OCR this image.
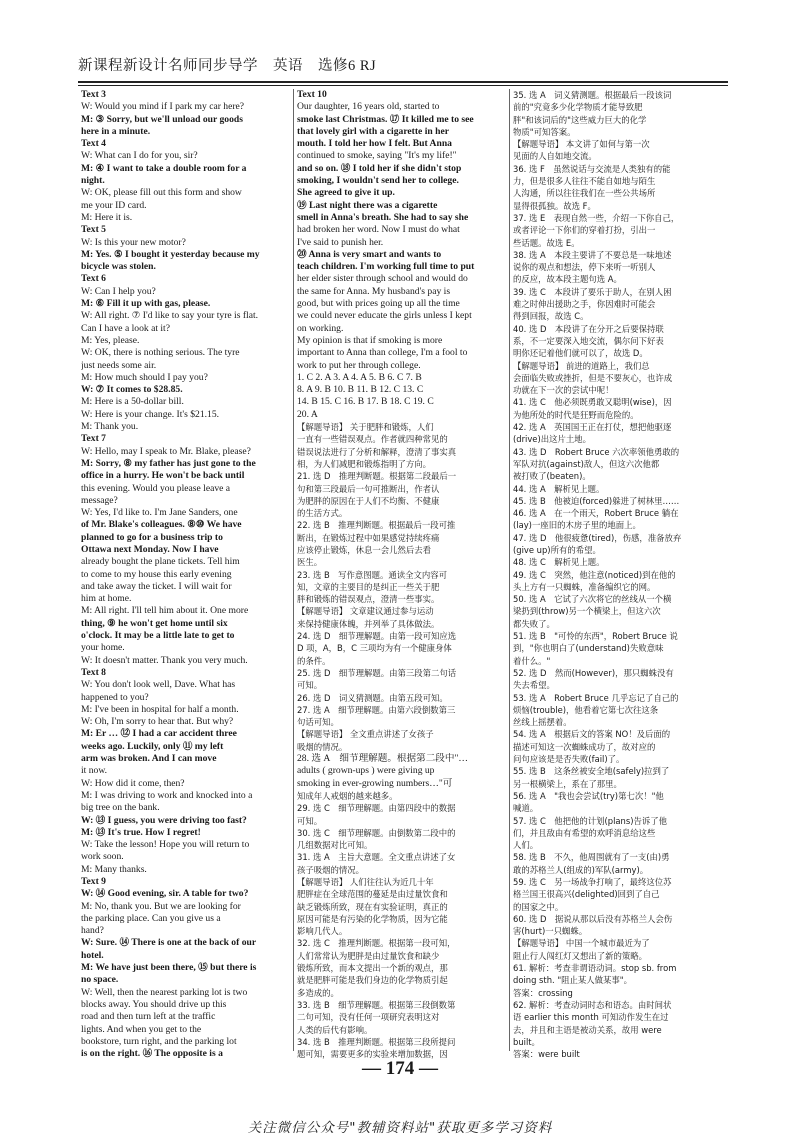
新课程新设计名师同步导学　英语　选修6 RJ
Text 3
W: Would you mind if I park my car here?
M: ③ Sorry, but we'll unload our goods
here in a minute.
Text 4
W: What can I do for you, sir?
M: ④ I want to take a double room for a
night.
W: OK, please fill out this form and show
me your ID card.
M: Here it is.
Text 5
W: Is this your new motor?
M: Yes. ⑤ I bought it yesterday because my
bicycle was stolen.
Text 6
W: Can I help you?
M: ⑥ Fill it up with gas, please.
W: All right. ⑦ I'd like to say your tyre is flat.
Can I have a look at it?
M: Yes, please.
W: OK, there is nothing serious. The tyre
just needs some air.
M: How much should I pay you?
W: ⑦ It comes to $28.85.
M: Here is a 50-dollar bill.
W: Here is your change. It's $21.15.
M: Thank you.
Text 7
W: Hello, may I speak to Mr. Blake, please?
M: Sorry, ⑧ my father has just gone to the
office in a hurry. He won't be back until
this evening. Would you please leave a
message?
W: Yes, I'd like to. I'm Jane Sanders, one
of Mr. Blake's colleagues. ⑧⑩ We have
planned to go for a business trip to
Ottawa next Monday. Now I have
already bought the plane tickets. Tell him
to come to my house this early evening
and take away the ticket. I will wait for
him at home.
M: All right. I'll tell him about it. One more
thing, ⑨ he won't get home until six
o'clock. It may be a little late to get to
your home.
W: It doesn't matter. Thank you very much.
Text 8
W: You don't look well, Dave. What has
happened to you?
M: I've been in hospital for half a month.
W: Oh, I'm sorry to hear that. But why?
M: Er … ⑫ I had a car accident three
weeks ago. Luckily, only ⑪ my left
arm was broken. And I can move
it now.
W: How did it come, then?
M: I was driving to work and knocked into a
big tree on the bank.
W: ⑬ I guess, you were driving too fast?
M: ⑬ It's true. How I regret!
W: Take the lesson! Hope you will return to
work soon.
M: Many thanks.
Text 9
W: ⑭ Good evening, sir. A table for two?
M: No, thank you. But we are looking for
the parking place. Can you give us a
hand?
W: Sure. ⑭ There is one at the back of our
hotel.
M: We have just been there, ⑮ but there is
no space.
W: Well, then the nearest parking lot is two
blocks away. You should drive up this
road and then turn left at the traffic
lights. And when you get to the
bookstore, turn right, and the parking lot
is on the right. ⑯ The opposite is a
Text 10
Our daughter, 16 years old, started to
smoke last Christmas. ⑰ It killed me to see
that lovely girl with a cigarette in her
mouth. I told her how I felt. But Anna
continued to smoke, saying "It's my life!"
and so on. ⑱ I told her if she didn't stop
smoking, I wouldn't send her to college.
She agreed to give it up.
⑲ Last night there was a cigarette
smell in Anna's breath. She had to say she
had broken her word. Now I must do what
I've said to punish her.
⑳ Anna is very smart and wants to
teach children. I'm working full time to put
her elder sister through school and would do
the same for Anna. My husband's pay is
good, but with prices going up all the time
we could never educate the girls unless I kept
on working.
My opinion is that if smoking is more
important to Anna than college, I'm a fool to
work to put her through college.
1. C 2. A 3. A 4. A 5. B 6. C 7. B
8. A 9. B 10. B 11. B 12. C 13. C
14. B 15. C 16. B 17. B 18. C 19. C
20. A
【解题导语】 关于肥胖和锻炼，人们
一直有一些错误观点。作者就四种常见的
错误说法进行了分析和解释，澄清了事实真
相，为人们减肥和锻炼指明了方向。
21. 选 D　推理判断题。根据第二段最后一
句和第三段最后一句可推断出，作者认
为肥胖的原因在于人们不均衡、不健康
的生活方式。
22. 选 B　推理判断题。根据最后一段可推
断出，在锻炼过程中如果感觉持续疼痛
应该停止锻炼，休息一会儿然后去看
医生。
23. 选 B　写作意图题。通读全文内容可
知，文章的主要目的是纠正一些关于肥
胖和锻炼的错误观点，澄清一些事实。
【解题导语】 文章建议通过参与运动
来保持健康体魄，并列举了具体做法。
24. 选 D　细节理解题。由第一段可知应选
D 项，A，B，C 三项均为有一个健康身体
的条件。
25. 选 D　细节理解题。由第三段第二句话
可知。
26. 选 D　词义猜测题。由第五段可知。
27. 选 A　细节理解题。由第六段倒数第三
句话可知。
【解题导语】 全文重点讲述了女孩子
吸烟的情况。
28. 选 A　细节理解题。根据第二段中"…
adults ( grown-ups ) were giving up
smoking in ever-growing numbers…"可
知成年人戒烟的越来越多。
29. 选 C　细节理解题。由第四段中的数据
可知。
30. 选 C　细节理解题。由倒数第二段中的
几组数据对比可知。
31. 选 A　主旨大意题。全文重点讲述了女
孩子吸烟的情况。
【解题导语】 人们往往认为近几十年
肥胖症在全球范围的蔓延是由过量饮食和
缺乏锻炼所致，现在有实验证明，真正的
原因可能是有污染的化学物质，因为它能
影响几代人。
32. 选 C　推理判断题。根据第一段可知，
人们常常认为肥胖是由过量饮食和缺少
锻炼所致，而本文提出一个新的观点，那
就是肥胖可能是我们身边的化学物质引起
多造成的。
33. 选 B　细节理解题。根据第三段倒数第
二句可知，没有任何一项研究表明这对
人类的后代有影响。
34. 选 B　推理判断题。根据第三段所提问
题可知，需要更多的实验来增加数据，因
35. 选 A　词义猜测题。根据最后一段该词
前的"究竟多少化学物质才能导致肥
胖"和该词后的"这些威力巨大的化学
物质"可知答案。
【解题导语】 本文讲了如何与第一次
见面的人自如地交流。
36. 选 F　虽然说话与交流是人类独有的能
力，但是很多人往往不能自如地与陌生
人沟通，所以往往我们在一些公共场所
显得很孤独。故选 F。
37. 选 E　表现自然一些，介绍一下你自己，
或者评论一下你们的穿着打扮，引出一
些话题。故选 E。
38. 选 A　本段主要讲了不要总是一味地述
说你的观点和想法，停下来听一听别人
的反应，故本段主题句选 A。
39. 选 C　本段讲了要乐于助人，在别人困
难之时伸出援助之手，你因难时可能会
得到回报，故选 C。
40. 选 D　本段讲了在分开之后要保持联
系，不一定要深入地交流，偶尔问下好表
明你还记着他们就可以了，故选 D。
【解题导语】 前进的道路上，我们总
会面临失败或挫折，但是不要灰心，也许成
功就在下一次的尝试中呢！
41. 选 C　他必须既勇敢又聪明(wise)，因
为他所处的时代是狂野而危险的。
42. 选 A　英国国王正在打仗，想把他驱逐
(drive)出这片土地。
43. 选 D　Robert Bruce 六次率领他勇敢的
军队对抗(against)敌人，但这六次他都
被打败了(beaten)。
44. 选 A　解析见上题。
45. 选 B　他被迫(forced)躲进了树林里……
46. 选 A　在一个雨天，Robert Bruce 躺在
(lay)一座旧的木房子里的地面上。
47. 选 D　他很疲惫(tired)，伤感，准备放弃
(give up)所有的希望。
48. 选 C　解析见上题。
49. 选 C　突然，他注意(noticed)到在他的
头上方有一只蜘蛛，准备编织它的网。
50. 选 A　它试了六次将它的丝线从一个横
梁扔到(throw)另一个横梁上，但这六次
都失败了。
51. 选 B　"可怜的东西"，Robert Bruce 说
到，"你也明白了(understand)失败意味
着什么。"
52. 选 D　然而(However)，那只蜘蛛没有
失去希望。
53. 选 A　Robert Bruce 几乎忘记了自己的
烦恼(trouble)，他看着它第七次往这条
丝线上摇摆着。
54. 选 A　根据后文的答案 NO！及后面的
描述可知这一次蜘蛛成功了，故对应的
问句应该是是否失败(fail)了。
55. 选 B　这条丝被安全地(safely)拉到了
另一根横梁上，系在了那里。
56. 选 A　"我也会尝试(try)第七次！"他
喊道。
57. 选 C　他把他的计划(plans)告诉了他
们，并且敌由有希望的欢呼消息给这些
人们。
58. 选 B　不久，他周围就有了一支(由)勇
敢的苏格兰人(组成的)军队(army)。
59. 选 C　另一场战争打响了，最终这位苏
格兰国王很高兴(delighted)回到了自己
的国家之中。
60. 选 D　据说从那以后没有苏格兰人会伤
害(hurt)一只蜘蛛。
【解题导语】 中国一个城市最近为了
阻止行人闯红灯又想出了新的策略。
61. 解析：考查非谓语动词。stop sb. from
doing sth. "阻止某人做某事"。
答案：crossing
62. 解析：考查动词时态和语态。由时间状
语 earlier this month 可知动作发生在过
去，并且和主语是被动关系，故用 were
built。
答案：were built
— 174 —
关注微信公众号"教辅资料站"获取更多学习资料
